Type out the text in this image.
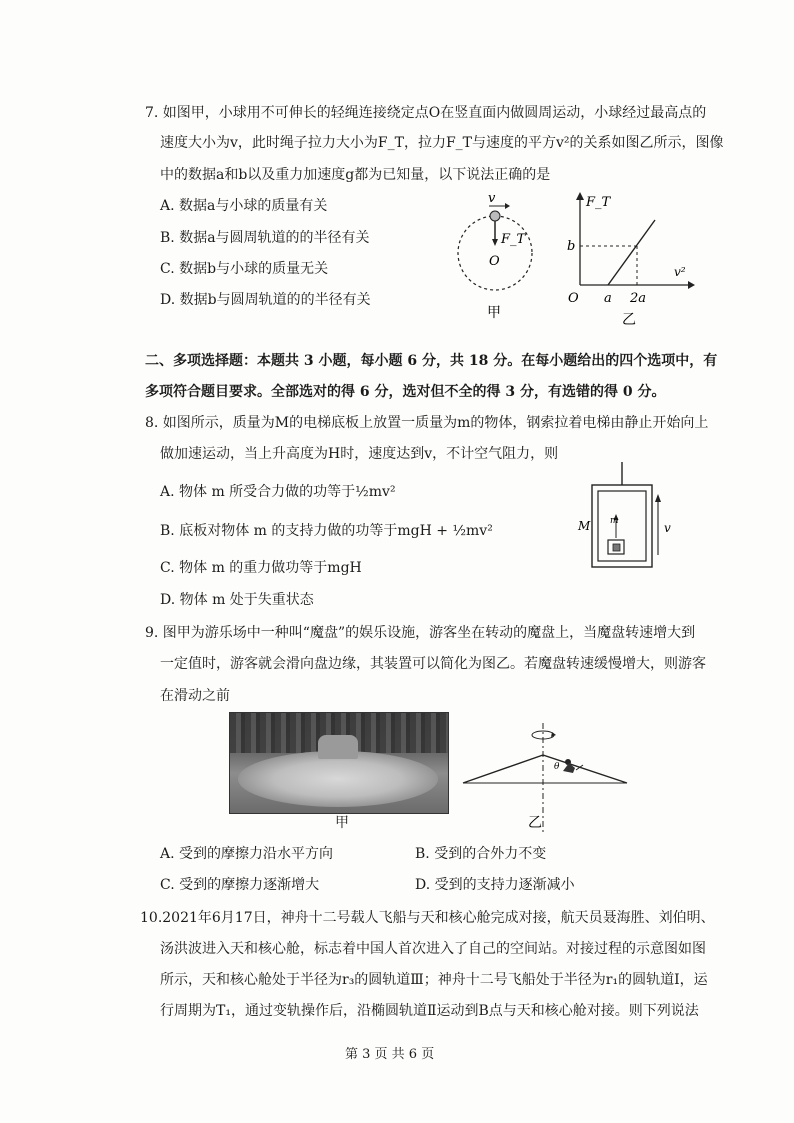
7. 如图甲，小球用不可伸长的轻绳连接绕定点O在竖直面内做圆周运动，小球经过最高点的
速度大小为v，此时绳子拉力大小为F_T，拉力F_T与速度的平方v²的关系如图乙所示，图像
中的数据a和b以及重力加速度g都为已知量，以下说法正确的是
A. 数据a与小球的质量有关
B. 数据a与圆周轨道的的半径有关
C. 数据b与小球的质量无关
D. 数据b与圆周轨道的的半径有关
v
F_T
O
甲
F_T
v²
b
O a 2a
乙
二、多项选择题：本题共 3 小题，每小题 6 分，共 18 分。在每小题给出的四个选项中，有
多项符合题目要求。全部选对的得 6 分，选对但不全的得 3 分，有选错的得 0 分。
8. 如图所示，质量为M的电梯底板上放置一质量为m的物体，钢索拉着电梯由静止开始向上
做加速运动，当上升高度为H时，速度达到v，不计空气阻力，则
A. 物体 m 所受合力做的功等于½mv²
B. 底板对物体 m 的支持力做的功等于mgH + ½mv²
C. 物体 m 的重力做功等于mgH
D. 物体 m 处于失重状态
M	v
m
9. 图甲为游乐场中一种叫“魔盘”的娱乐设施，游客坐在转动的魔盘上，当魔盘转速增大到
一定值时，游客就会滑向盘边缘，其装置可以简化为图乙。若魔盘转速缓慢增大，则游客
在滑动之前
甲
θ
乙
A. 受到的摩擦力沿水平方向	B. 受到的合外力不变
C. 受到的摩擦力逐渐增大	D. 受到的支持力逐渐减小
10.2021年6月17日，神舟十二号载人飞船与天和核心舱完成对接，航天员聂海胜、刘伯明、
汤洪波进入天和核心舱，标志着中国人首次进入了自己的空间站。对接过程的示意图如图
所示，天和核心舱处于半径为r₃的圆轨道Ⅲ；神舟十二号飞船处于半径为r₁的圆轨道Ⅰ，运
行周期为T₁，通过变轨操作后，沿椭圆轨道Ⅱ运动到B点与天和核心舱对接。则下列说法
第 3 页 共 6 页
